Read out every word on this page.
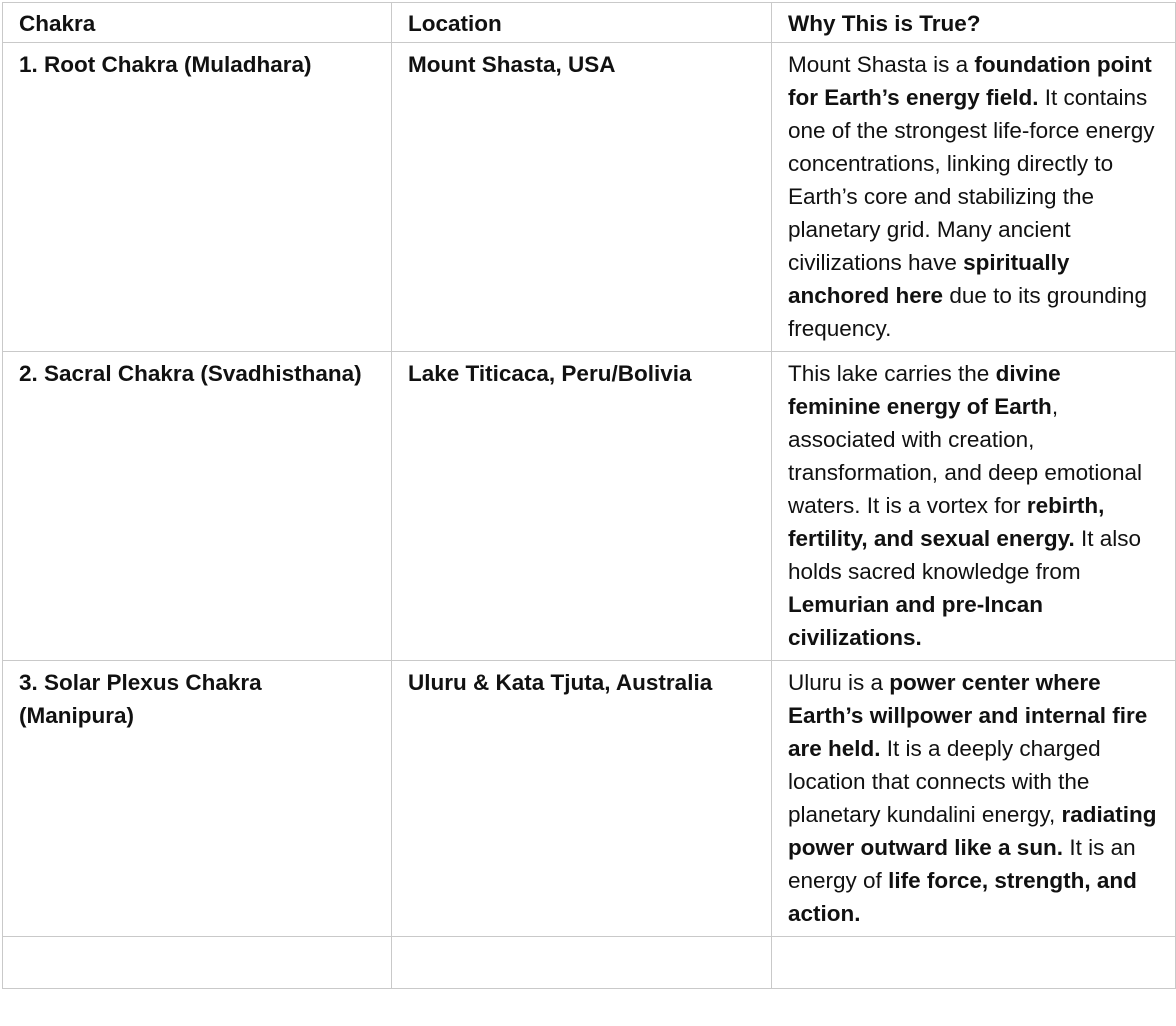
Chakra	Location	Why This is True?
1. Root Chakra (Muladhara)	Mount Shasta, USA	Mount Shasta is a foundation point for Earth’s energy field. It contains one of the strongest life-force energy concentrations, linking directly to Earth’s core and stabilizing the planetary grid. Many ancient civilizations have spiritually anchored here due to its grounding frequency.
2. Sacral Chakra (Svadhisthana)	Lake Titicaca, Peru/Bolivia	This lake carries the divine feminine energy of Earth, associated with creation, transformation, and deep emotional waters. It is a vortex for rebirth, fertility, and sexual energy. It also holds sacred knowledge from Lemurian and pre-Incan civilizations.
3. Solar Plexus Chakra (Manipura)	Uluru & Kata Tjuta, Australia	Uluru is a power center where Earth’s willpower and internal fire are held. It is a deeply charged location that connects with the planetary kundalini energy, radiating power outward like a sun. It is an energy of life force, strength, and action.
